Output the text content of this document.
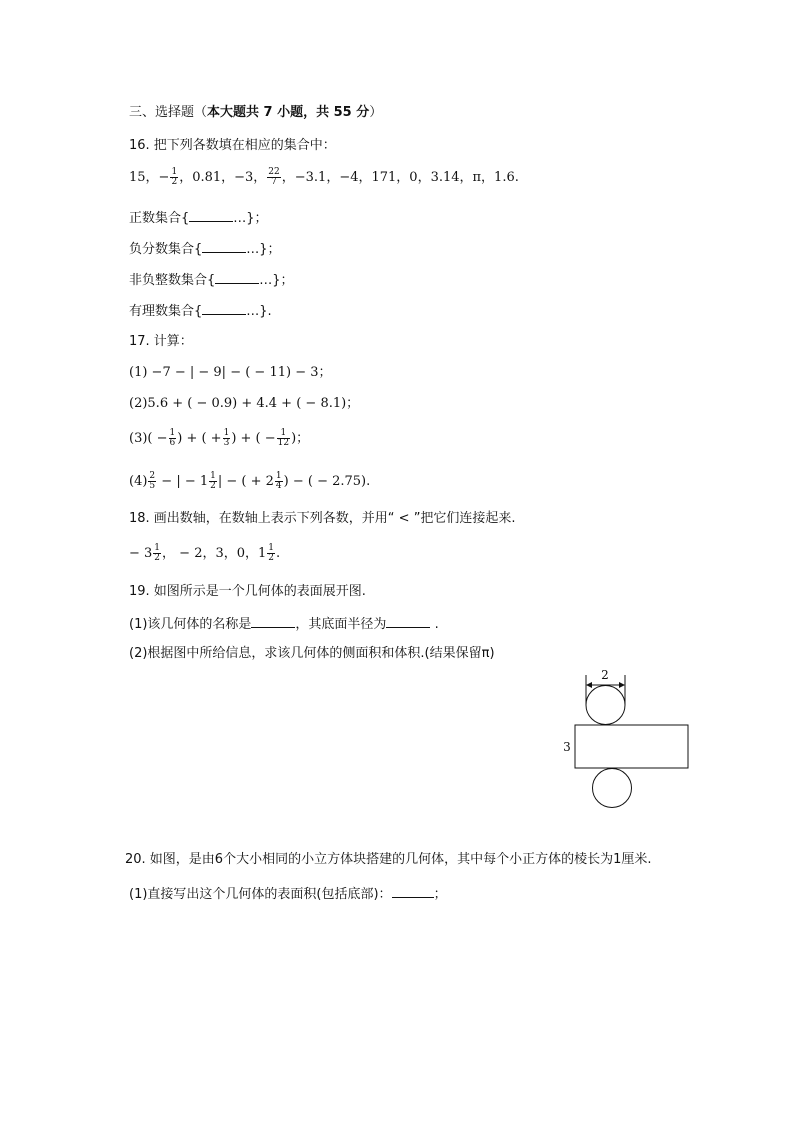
三、选择题（本大题共 7 小题，共 55 分）
16. 把下列各数填在相应的集合中：
15，− $\frac{1}{2}$ ，0.81，−3， $\frac{22}{7}$ ，−3.1，−4，171，0，3.14，π，1.6.
正数集合{	…}；
负分数集合{	…}；
非负整数集合{	…}；
有理数集合{	…}.
17. 计算：
(1) −7 − | − 9| − ( − 11) − 3；
(2)5.6 + ( − 0.9) + 4.4 + ( − 8.1)；
$(3)( - \frac{1}{6}$ ) + ( + $\frac{1}{3}$ ) + ( − $\frac{1}{12}$ )；
$(4) \frac{2}{5}$ − | − $1 \frac{1}{2}$ | − ( + $2 \frac{1}{4}$ ) − ( − 2.75).
18. 画出数轴，在数轴上表示下列各数，并用“ < ”把它们连接起来.
− $3 \frac{1}{2}$ ， − 2，3，0，$1 \frac{1}{2}$ .
19. 如图所示是一个几何体的表面展开图.
(1)该几何体的名称是	，其底面半径为	.
(2)根据图中所给信息，求该几何体的侧面积和体积.(结果保留π)
2
3
20. 如图，是由6个大小相同的小立方体块搭建的几何体，其中每个小正方体的棱长为1厘米.
(1)直接写出这个几何体的表面积(包括底部)：	；
